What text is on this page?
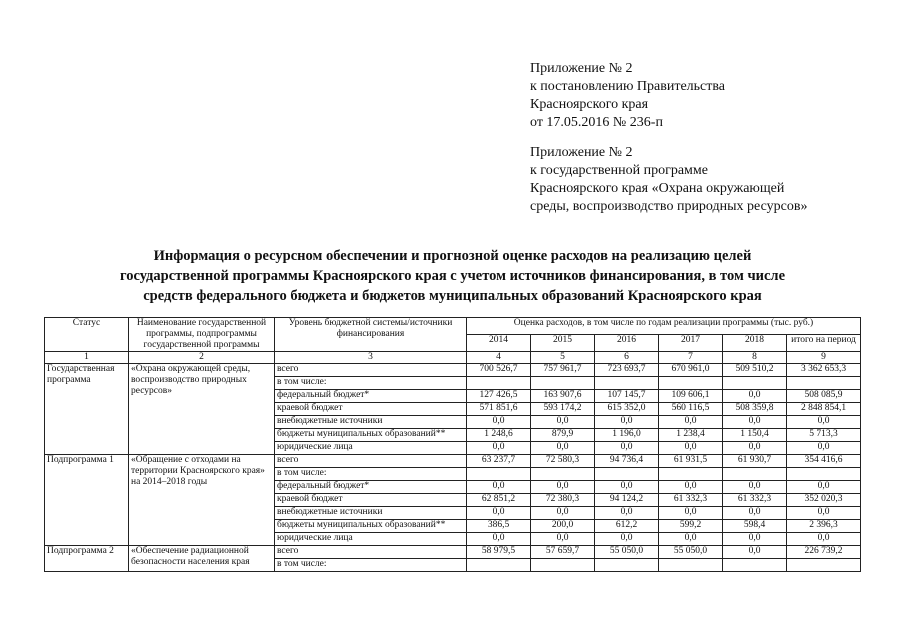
Приложение № 2
к постановлению Правительства
Красноярского края
от 17.05.2016 № 236-п
Приложение № 2
к государственной программе
Красноярского края «Охрана окружающей
среды, воспроизводство природных ресурсов»
Информация о ресурсном обеспечении и прогнозной оценке расходов на реализацию целей
государственной программы Красноярского края с учетом источников финансирования, в том числе
средств федерального бюджета и бюджетов муниципальных образований Красноярского края
Статус	Наименование государственной программы, подпрограммы государственной программы	Уровень бюджетной системы/источники финансирования	Оценка расходов, в том числе по годам реализации программы (тыс. руб.)					
			2014	2015	2016	2017	2018	итого на период
1	2	3	4	5	6	7	8	9
Государственная программа	«Охрана окружающей среды, воспроизводство природных ресурсов»	всего	700 526,7	757 961,7	723 693,7	670 961,0	509 510,2	3 362 653,3
		в том числе:						
		федеральный бюджет*	127 426,5	163 907,6	107 145,7	109 606,1	0,0	508 085,9
		краевой бюджет	571 851,6	593 174,2	615 352,0	560 116,5	508 359,8	2 848 854,1
		внебюджетные источники	0,0	0,0	0,0	0,0	0,0	0,0
		бюджеты муниципальных образований**	1 248,6	879,9	1 196,0	1 238,4	1 150,4	5 713,3
		юридические лица	0,0	0,0	0,0	0,0	0,0	0,0
Подпрограмма 1	«Обращение с отходами на территории Красноярского края» на 2014–2018 годы	всего	63 237,7	72 580,3	94 736,4	61 931,5	61 930,7	354 416,6
		в том числе:						
		федеральный бюджет*	0,0	0,0	0,0	0,0	0,0	0,0
		краевой бюджет	62 851,2	72 380,3	94 124,2	61 332,3	61 332,3	352 020,3
		внебюджетные источники	0,0	0,0	0,0	0,0	0,0	0,0
		бюджеты муниципальных образований**	386,5	200,0	612,2	599,2	598,4	2 396,3
		юридические лица	0,0	0,0	0,0	0,0	0,0	0,0
Подпрограмма 2	«Обеспечение радиационной безопасности населения края	всего	58 979,5	57 659,7	55 050,0	55 050,0	0,0	226 739,2
		в том числе:						
